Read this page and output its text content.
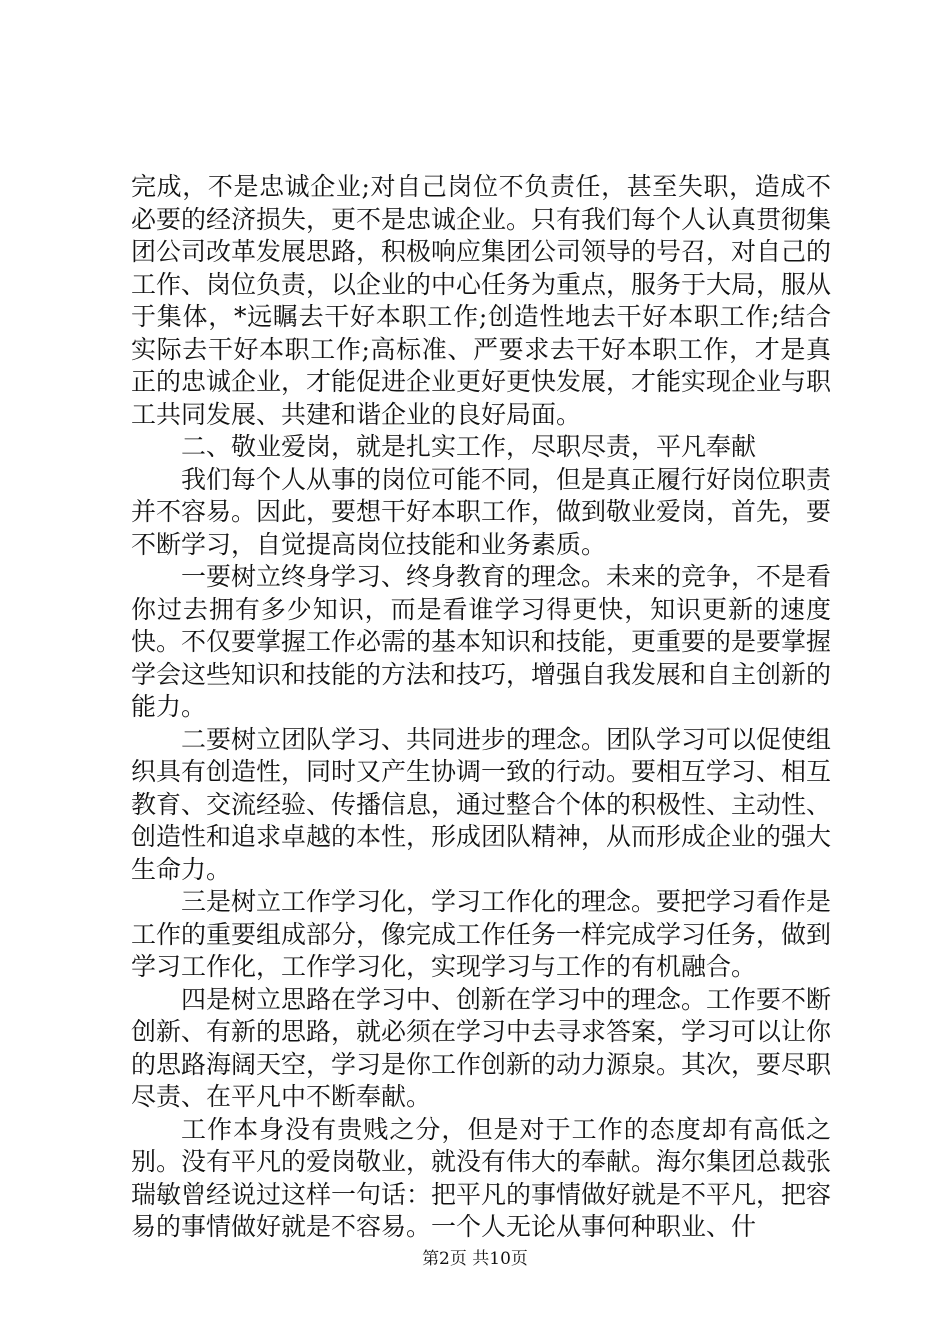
完成，不是忠诚企业;对自己岗位不负责任，甚至失职，造成不必要的经济损失，更不是忠诚企业。只有我们每个人认真贯彻集团公司改革发展思路，积极响应集团公司领导的号召，对自己的工作、岗位负责，以企业的中心任务为重点，服务于大局，服从于集体，*远瞩去干好本职工作;创造性地去干好本职工作;结合实际去干好本职工作;高标准、严要求去干好本职工作，才是真正的忠诚企业，才能促进企业更好更快发展，才能实现企业与职工共同发展、共建和谐企业的良好局面。

二、敬业爱岗，就是扎实工作，尽职尽责，平凡奉献

我们每个人从事的岗位可能不同，但是真正履行好岗位职责并不容易。因此，要想干好本职工作，做到敬业爱岗，首先，要不断学习，自觉提高岗位技能和业务素质。

一要树立终身学习、终身教育的理念。未来的竞争，不是看你过去拥有多少知识，而是看谁学习得更快，知识更新的速度快。不仅要掌握工作必需的基本知识和技能，更重要的是要掌握学会这些知识和技能的方法和技巧，增强自我发展和自主创新的能力。

二要树立团队学习、共同进步的理念。团队学习可以促使组织具有创造性，同时又产生协调一致的行动。要相互学习、相互教育、交流经验、传播信息，通过整合个体的积极性、主动性、创造性和追求卓越的本性，形成团队精神，从而形成企业的强大生命力。

三是树立工作学习化，学习工作化的理念。要把学习看作是工作的重要组成部分，像完成工作任务一样完成学习任务，做到学习工作化，工作学习化，实现学习与工作的有机融合。

四是树立思路在学习中、创新在学习中的理念。工作要不断创新、有新的思路，就必须在学习中去寻求答案，学习可以让你的思路海阔天空，学习是你工作创新的动力源泉。其次，要尽职尽责、在平凡中不断奉献。

工作本身没有贵贱之分，但是对于工作的态度却有高低之别。没有平凡的爱岗敬业，就没有伟大的奉献。海尔集团总裁张瑞敏曾经说过这样一句话：把平凡的事情做好就是不平凡，把容易的事情做好就是不容易。一个人无论从事何种职业、什

第2页 共10页
